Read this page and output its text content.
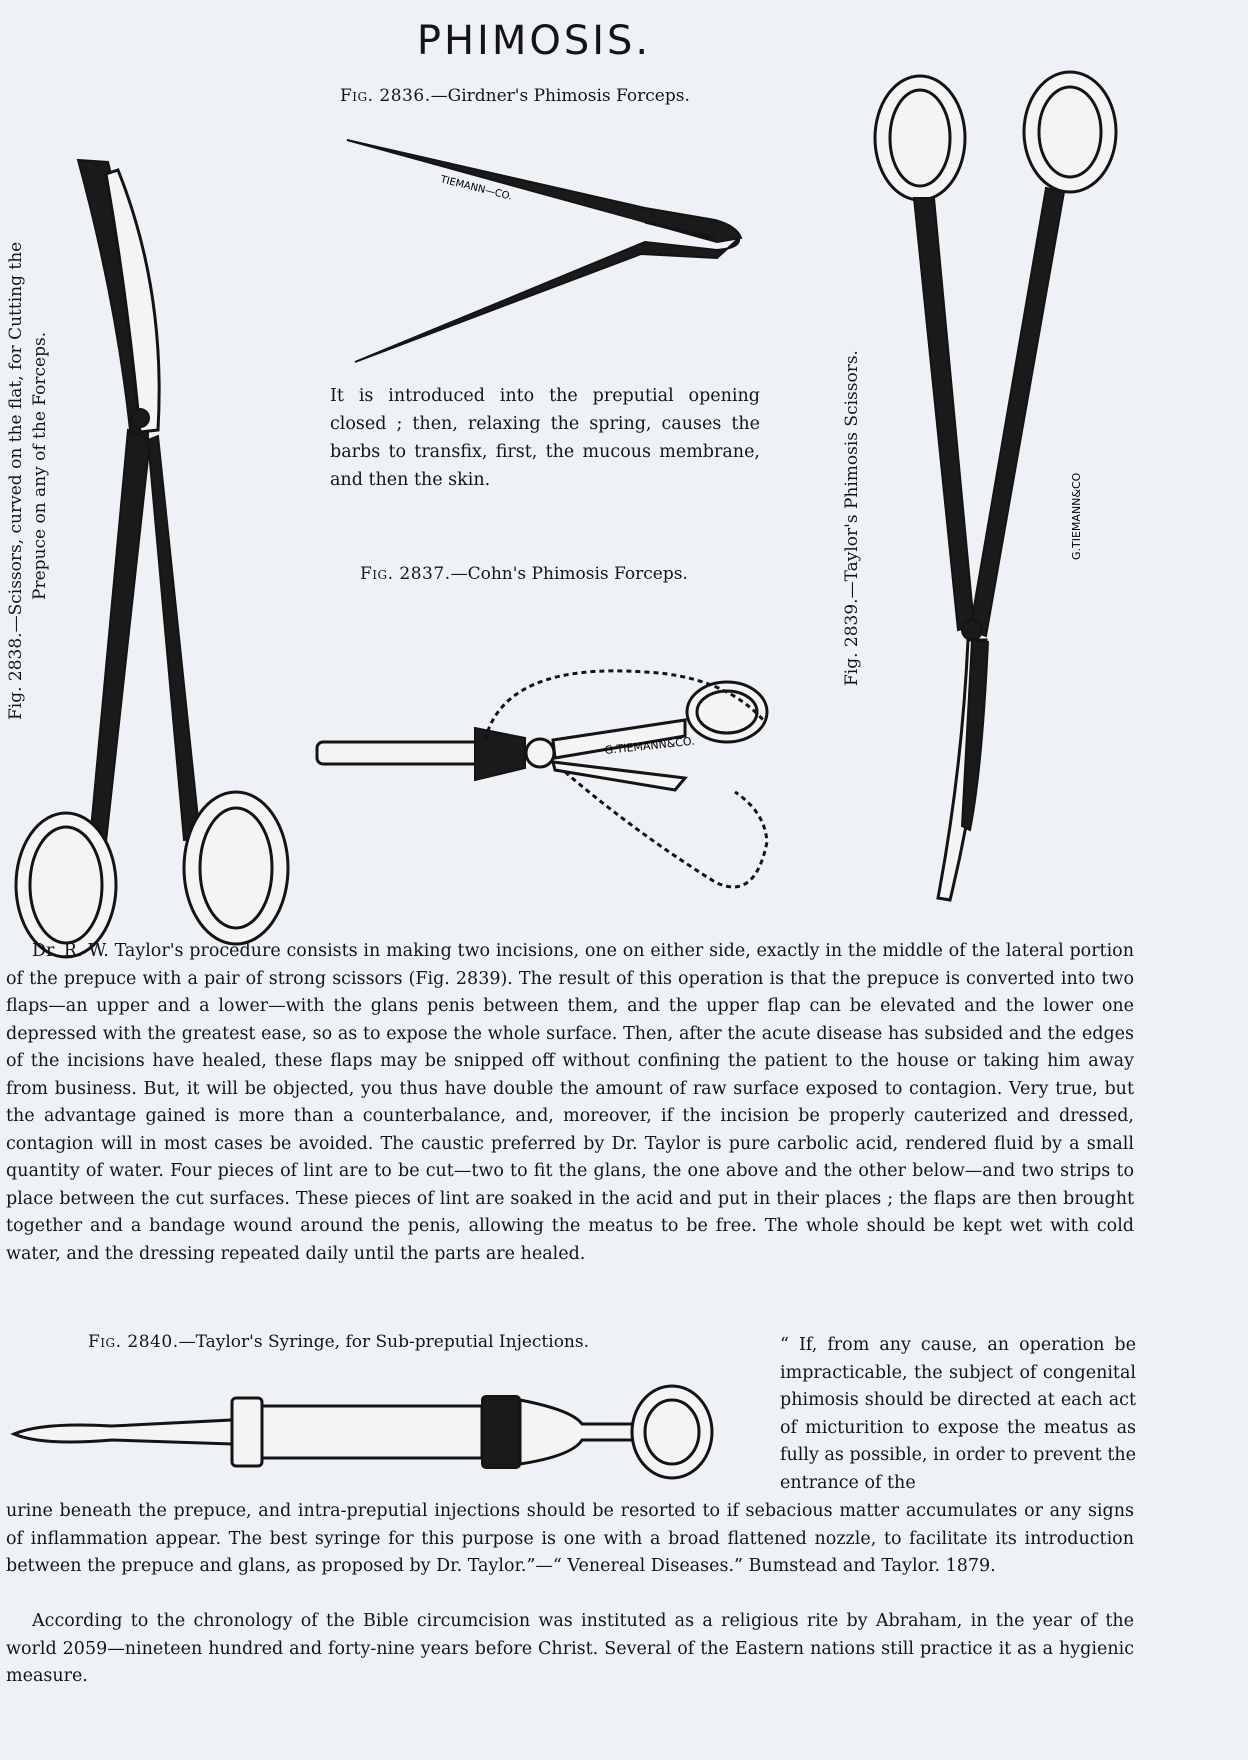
PHIMOSIS.
Fig. 2838.—Scissors, curved on the flat, for Cutting the Prepuce on any of the Forceps.
Fig. 2836.—Girdner's Phimosis Forceps.
TIEMANN—CO.
It is introduced into the preputial opening closed ; then, relaxing the spring, causes the barbs to transfix, first, the mucous membrane, and then the skin.
Fig. 2837.—Cohn's Phimosis Forceps.
G.TIEMANN&CO.
Fig. 2839.—Taylor's Phimosis Scissors.	G.TIEMANN&CO

Dr. R. W. Taylor's procedure consists in making two incisions, one on either side, exactly in the middle of the lateral portion of the prepuce with a pair of strong scissors (Fig. 2839). The result of this operation is that the prepuce is converted into two flaps—an upper and a lower—with the glans penis between them, and the upper flap can be elevated and the lower one depressed with the greatest ease, so as to expose the whole surface. Then, after the acute disease has subsided and the edges of the incisions have healed, these flaps may be snipped off without confining the patient to the house or taking him away from business. But, it will be objected, you thus have double the amount of raw surface exposed to contagion. Very true, but the advantage gained is more than a counterbalance, and, moreover, if the incision be properly cauterized and dressed, contagion will in most cases be avoided. The caustic preferred by Dr. Taylor is pure carbolic acid, rendered fluid by a small quantity of water. Four pieces of lint are to be cut—two to fit the glans, the one above and the other below—and two strips to place between the cut surfaces. These pieces of lint are soaked in the acid and put in their places ; the flaps are then brought together and a bandage wound around the penis, allowing the meatus to be free. The whole should be kept wet with cold water, and the dressing repeated daily until the parts are healed.

Fig. 2840.—Taylor's Syringe, for Sub-preputial Injections.	“ If, from any cause, an operation be impracticable, the subject of congenital phimosis should be directed at each act of micturition to expose the meatus as fully as possible, in order to prevent the entrance of the

urine beneath the prepuce, and intra-preputial injections should be resorted to if sebacious matter accumulates or any signs of inflammation appear. The best syringe for this purpose is one with a broad flattened nozzle, to facilitate its introduction between the prepuce and glans, as proposed by Dr. Taylor.”—“ Venereal Diseases.” Bumstead and Taylor. 1879.

According to the chronology of the Bible circumcision was instituted as a religious rite by Abraham, in the year of the world 2059—nineteen hundred and forty-nine years before Christ. Several of the Eastern nations still practice it as a hygienic measure.
